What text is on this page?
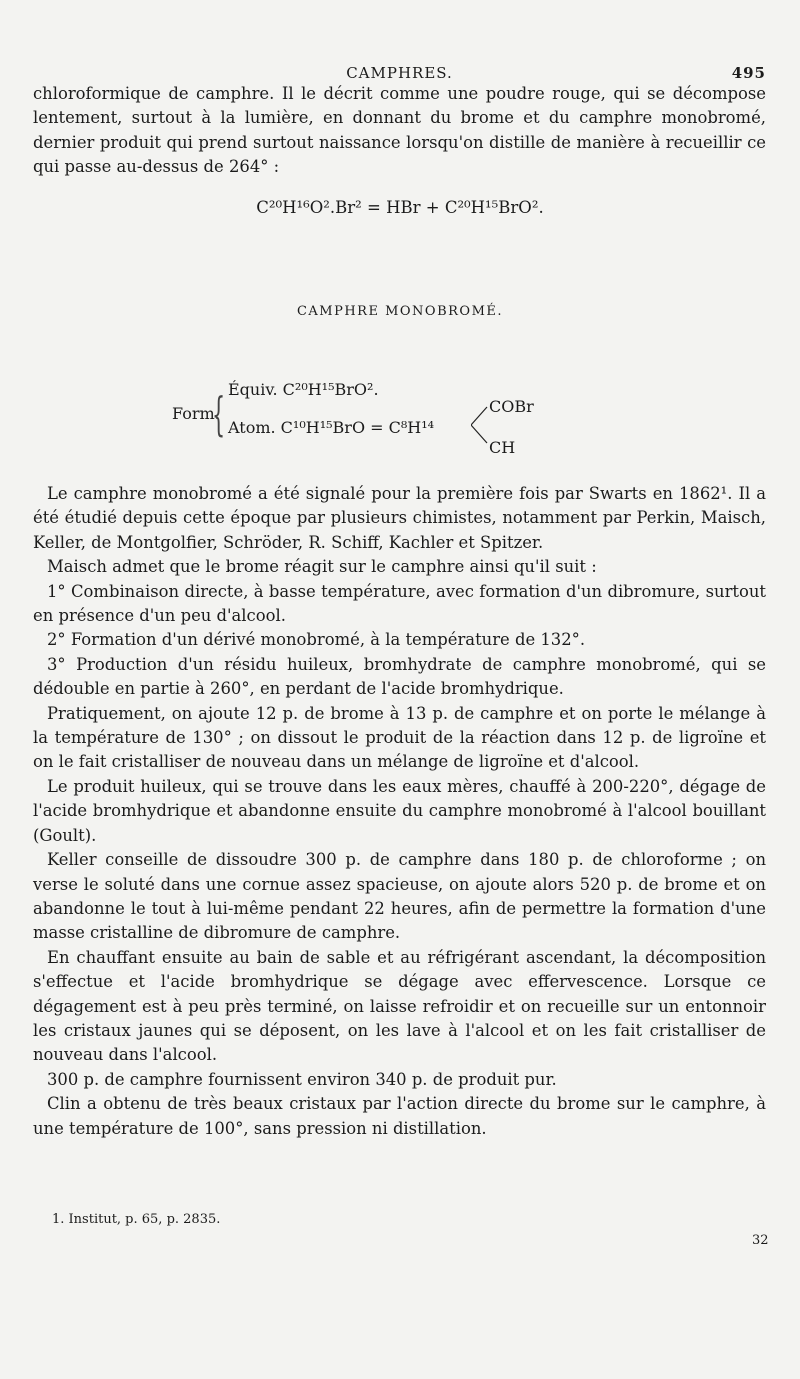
CAMPHRES.	495

chloroformique de camphre. Il le décrit comme une poudre rouge, qui se décompose lentement, surtout à la lumière, en donnant du brome et du camphre monobromé, dernier produit qui prend surtout naissance lorsqu'on distille de manière à recueillir ce qui passe au-dessus de 264° :

C²⁰H¹⁶O².Br² = HBr + C²⁰H¹⁵BrO².
CAMPHRE MONOBROMÉ.
Form.
{ Équiv. C²⁰H¹⁵BrO².
Atom. C¹⁰H¹⁵BrO = C⁸H¹⁴
COBr
CH

Le camphre monobromé a été signalé pour la première fois par Swarts en 1862¹. Il a été étudié depuis cette époque par plusieurs chimistes, notamment par Perkin, Maisch, Keller, de Montgolfier, Schröder, R. Schiff, Kachler et Spitzer.

Maisch admet que le brome réagit sur le camphre ainsi qu'il suit :

1° Combinaison directe, à basse température, avec formation d'un dibromure, surtout en présence d'un peu d'alcool.

2° Formation d'un dérivé monobromé, à la température de 132°.

3° Production d'un résidu huileux, bromhydrate de camphre monobromé, qui se dédouble en partie à 260°, en perdant de l'acide bromhydrique.

Pratiquement, on ajoute 12 p. de brome à 13 p. de camphre et on porte le mélange à la température de 130° ; on dissout le produit de la réaction dans 12 p. de ligroïne et on le fait cristalliser de nouveau dans un mélange de ligroïne et d'alcool.

Le produit huileux, qui se trouve dans les eaux mères, chauffé à 200-220°, dégage de l'acide bromhydrique et abandonne ensuite du camphre monobromé à l'alcool bouillant (Goult).

Keller conseille de dissoudre 300 p. de camphre dans 180 p. de chloroforme ; on verse le soluté dans une cornue assez spacieuse, on ajoute alors 520 p. de brome et on abandonne le tout à lui-même pendant 22 heures, afin de permettre la formation d'une masse cristalline de dibromure de camphre.

En chauffant ensuite au bain de sable et au réfrigérant ascendant, la décomposition s'effectue et l'acide bromhydrique se dégage avec effervescence. Lorsque ce dégagement est à peu près terminé, on laisse refroidir et on recueille sur un entonnoir les cristaux jaunes qui se déposent, on les lave à l'alcool et on les fait cristalliser de nouveau dans l'alcool.

300 p. de camphre fournissent environ 340 p. de produit pur.

Clin a obtenu de très beaux cristaux par l'action directe du brome sur le camphre, à une température de 100°, sans pression ni distillation.

1. Institut, p. 65, p. 2835.
32
